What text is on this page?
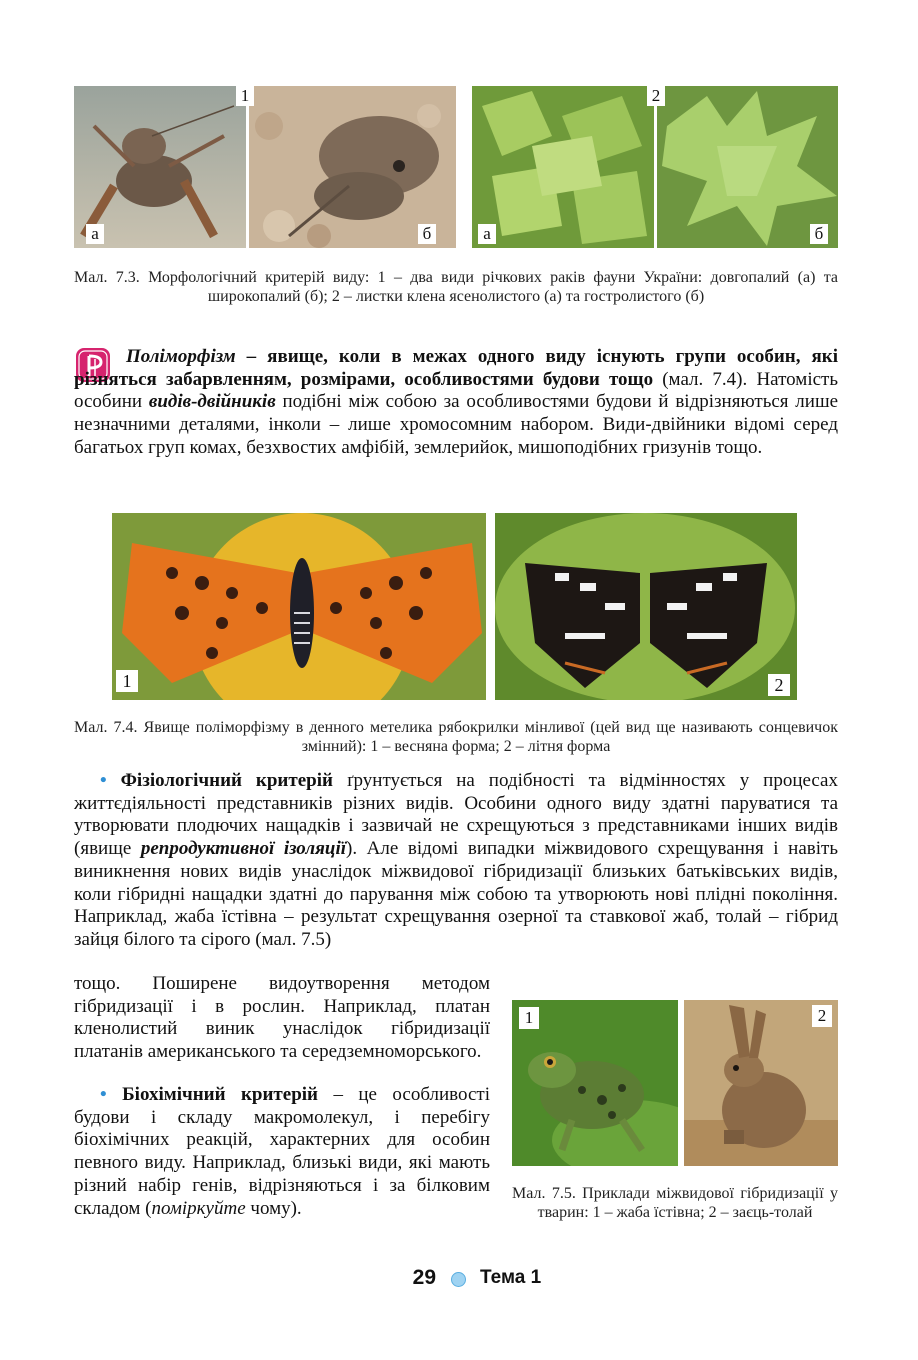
1
а	б
2
а	б
Мал. 7.3. Морфологічний критерій виду: 1 – два види річкових раків фауни України: довгопалий (а) та широкопалий (б); 2 – листки клена ясенолистого (а) та гостролистого (б)
Поліморфізм – явище, коли в межах одного виду існують групи особин, які різняться забарвленням, розмірами, особливостями будови тощо (мал. 7.4). Натомість особини видів-двійників подібні між собою за особливостями будови й відрізняються лише незначними деталями, інколи – лише хромосомним набором. Види-двійники відомі серед багатьох груп комах, безхвостих амфібій, землерийок, мишоподібних гризунів тощо.
1	2
Мал. 7.4. Явище поліморфізму в денного метелика рябокрилки мінливої (цей вид ще називають сонцевичок змінний): 1 – весняна форма; 2 – літня форма
• Фізіологічний критерій ґрунтується на подібності та відмінностях у процесах життєдіяльності представників різних видів. Особини одного виду здатні паруватися та утворювати плодючих нащадків і зазвичай не схрещуються з представниками інших видів (явище репродуктивної ізоляції). Але відомі випадки міжвидового схрещування і навіть виникнення нових видів унаслідок міжвидової гібридизації близьких батьківських видів, коли гібридні нащадки здатні до парування між собою та утворюють нові плідні покоління. Наприклад, жаба їстівна – результат схрещування озерної та ставкової жаб, толай – гібрид зайця білого та сірого (мал. 7.5)
тощо. Поширене видоутворення методом гібридизації і в рослин. Наприклад, платан кленолистий виник унаслідок гібридизації платанів американського та середземноморського.
• Біохімічний критерій – це особливості будови і складу макромолекул, і перебігу біохімічних реакцій, характерних для особин певного виду. Наприклад, близькі види, які мають різний набір генів, відрізняються і за білковим складом (поміркуйте чому).
1	2
Мал. 7.5. Приклади міжвидової гібридизації у тварин: 1 – жаба їстівна; 2 – заєць-толай
29 Тема 1
